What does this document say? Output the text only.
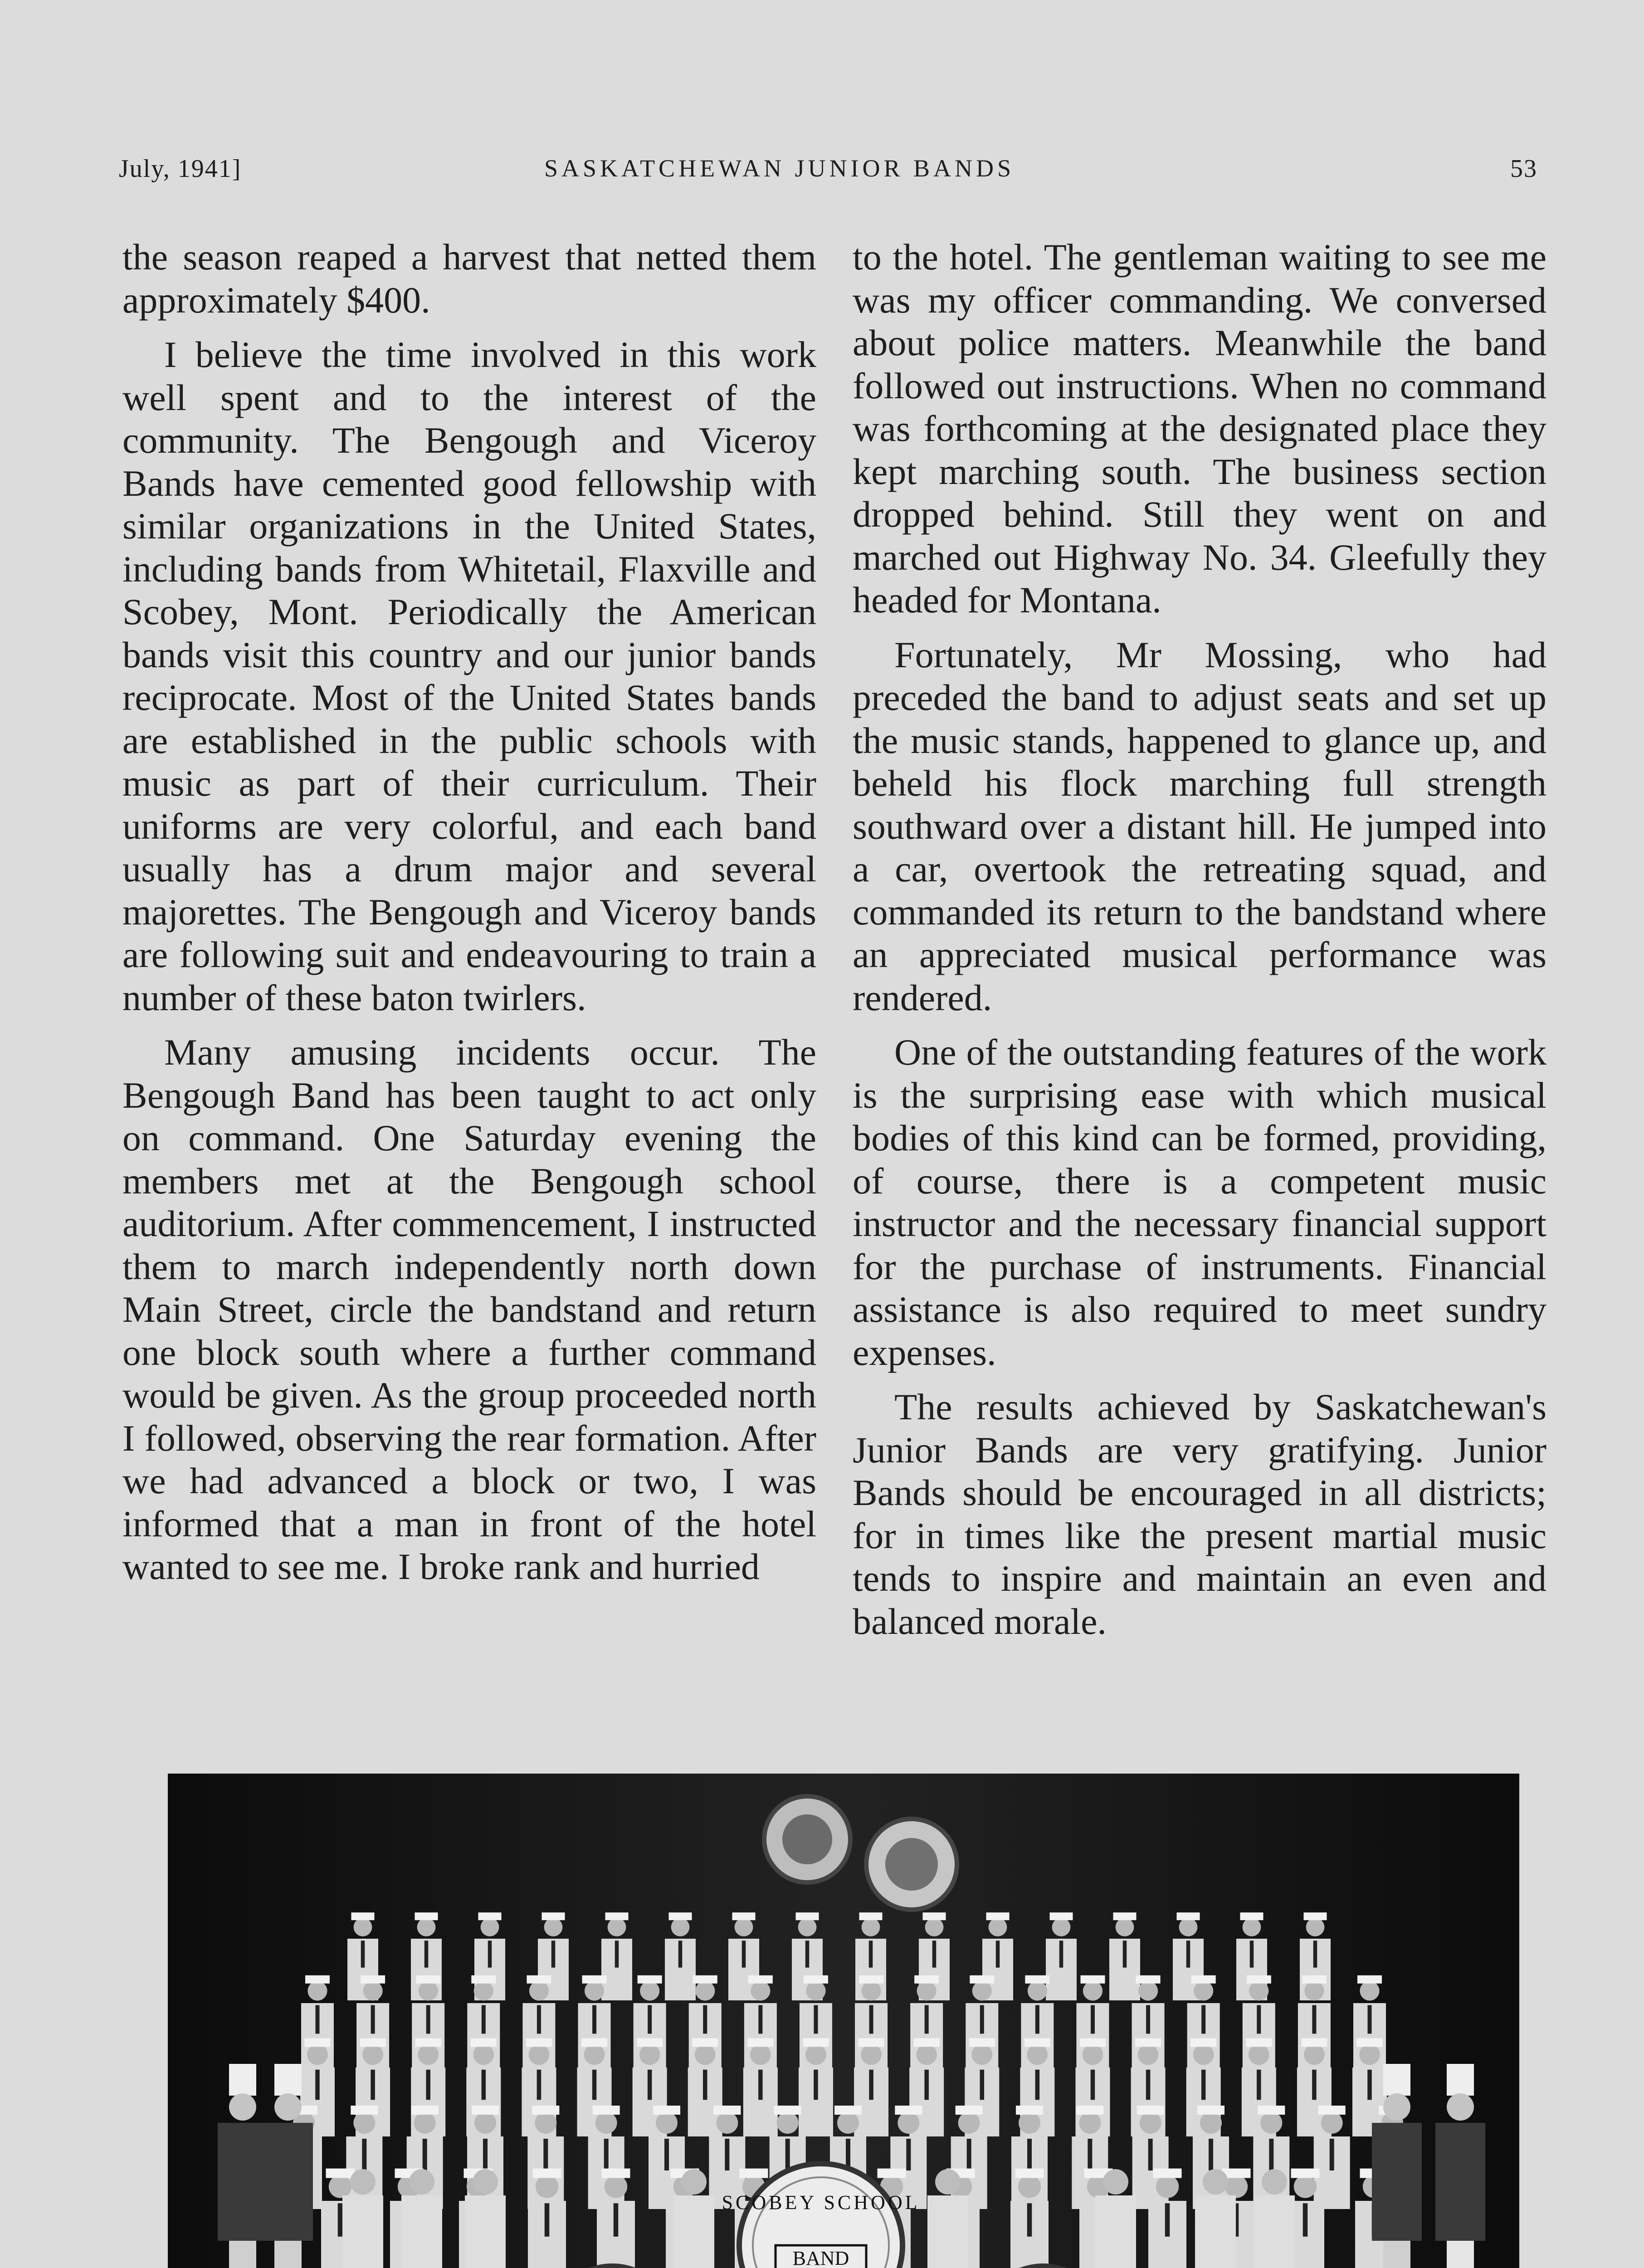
July, 1941]	SASKATCHEWAN JUNIOR BANDS	53

the season reaped a harvest that netted them approximately $400.

I believe the time involved in this work well spent and to the interest of the community. The Bengough and Viceroy Bands have cemented good fellowship with similar organizations in the United States, including bands from Whitetail, Flaxville and Scobey, Mont. Periodically the American bands visit this country and our junior bands reciprocate. Most of the United States bands are established in the public schools with music as part of their curriculum. Their uniforms are very colorful, and each band usually has a drum major and several majorettes. The Bengough and Viceroy bands are following suit and endeavouring to train a number of these baton twirlers.

Many amusing incidents occur. The Bengough Band has been taught to act only on command. One Saturday evening the members met at the Bengough school auditorium. After commencement, I instructed them to march independently north down Main Street, circle the bandstand and return one block south where a further command would be given. As the group proceeded north I followed, observing the rear formation. After we had advanced a block or two, I was informed that a man in front of the hotel wanted to see me. I broke rank and hurried

to the hotel. The gentleman waiting to see me was my officer commanding. We conversed about police matters. Meanwhile the band followed out instructions. When no command was forthcoming at the designated place they kept marching south. The business section dropped behind. Still they went on and marched out Highway No. 34. Gleefully they headed for Montana.

Fortunately, Mr Mossing, who had preceded the band to adjust seats and set up the music stands, happened to glance up, and beheld his flock marching full strength southward over a distant hill. He jumped into a car, overtook the retreating squad, and commanded its return to the bandstand where an appreciated musical performance was rendered.

One of the outstanding features of the work is the surprising ease with which musical bodies of this kind can be formed, providing, of course, there is a competent music instructor and the necessary financial support for the purchase of instruments. Financial assistance is also required to meet sundry expenses.

The results achieved by Saskatchewan's Junior Bands are very gratifying. Junior Bands should be encouraged in all districts; for in times like the present martial music tends to inspire and maintain an even and balanced morale.

SCOBEY SCHOOL
BAND
